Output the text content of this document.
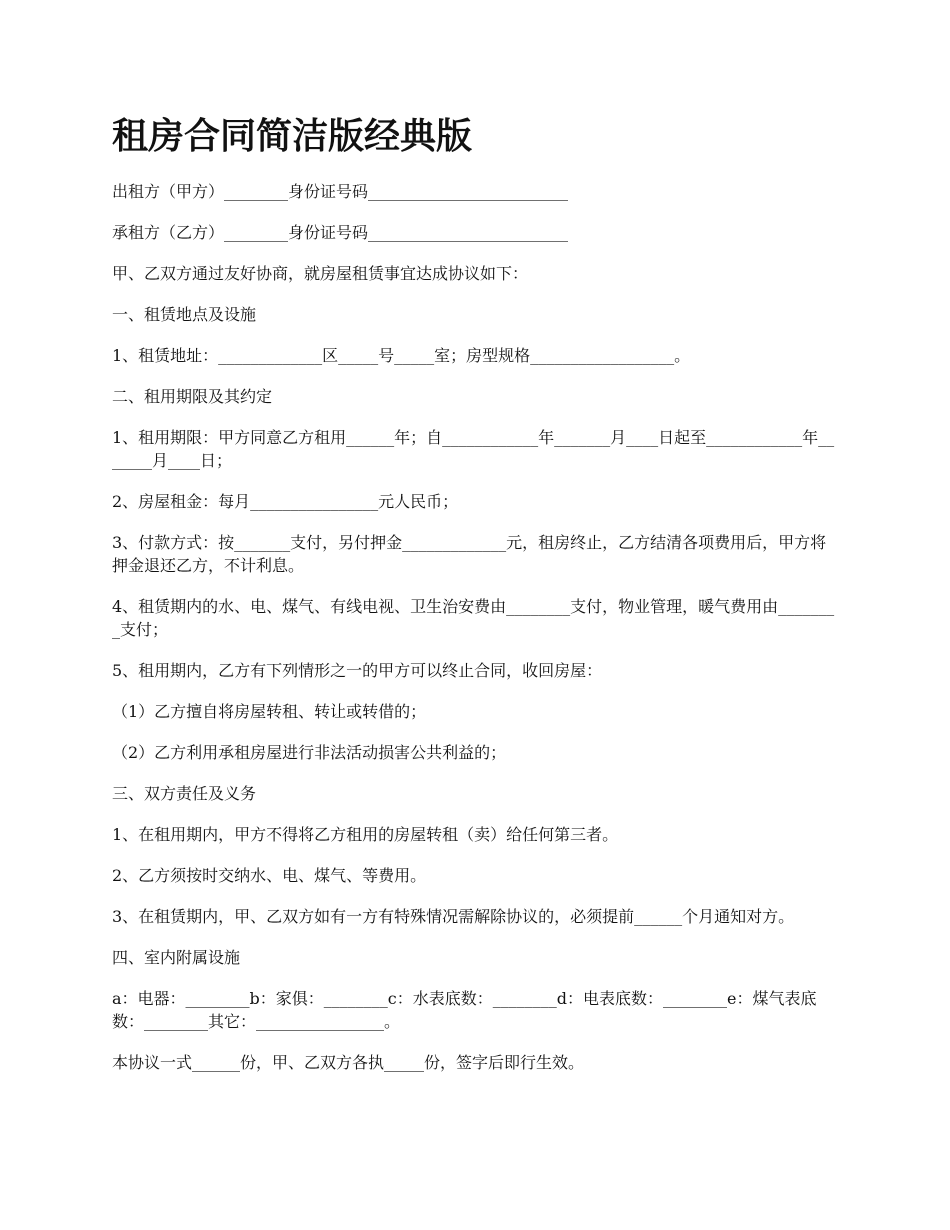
租房合同简洁版经典版

出租方（甲方）________身份证号码_________________________

承租方（乙方）________身份证号码_________________________

甲、乙双方通过友好协商，就房屋租赁事宜达成协议如下：

一、租赁地点及设施

1、租赁地址：_____________区_____号_____室；房型规格__________________。

二、租用期限及其约定

1、租用期限：甲方同意乙方租用______年；自____________年_______月____日起至____________年_______月____日；

2、房屋租金：每月________________元人民币；

3、付款方式：按_______支付，另付押金_____________元，租房终止，乙方结清各项费用后，甲方将押金退还乙方，不计利息。

4、租赁期内的水、电、煤气、有线电视、卫生治安费由________支付，物业管理，暖气费用由________支付；

5、租用期内，乙方有下列情形之一的甲方可以终止合同，收回房屋：

（1）乙方擅自将房屋转租、转让或转借的；

（2）乙方利用承租房屋进行非法活动损害公共利益的；

三、双方责任及义务

1、在租用期内，甲方不得将乙方租用的房屋转租（卖）给任何第三者。

2、乙方须按时交纳水、电、煤气、等费用。

3、在租赁期内，甲、乙双方如有一方有特殊情况需解除协议的，必须提前______个月通知对方。

四、室内附属设施

a：电器：________b：家俱：________c：水表底数：________d：电表底数：________e：煤气表底数：________其它：________________。

本协议一式______份，甲、乙双方各执_____份，签字后即行生效。
